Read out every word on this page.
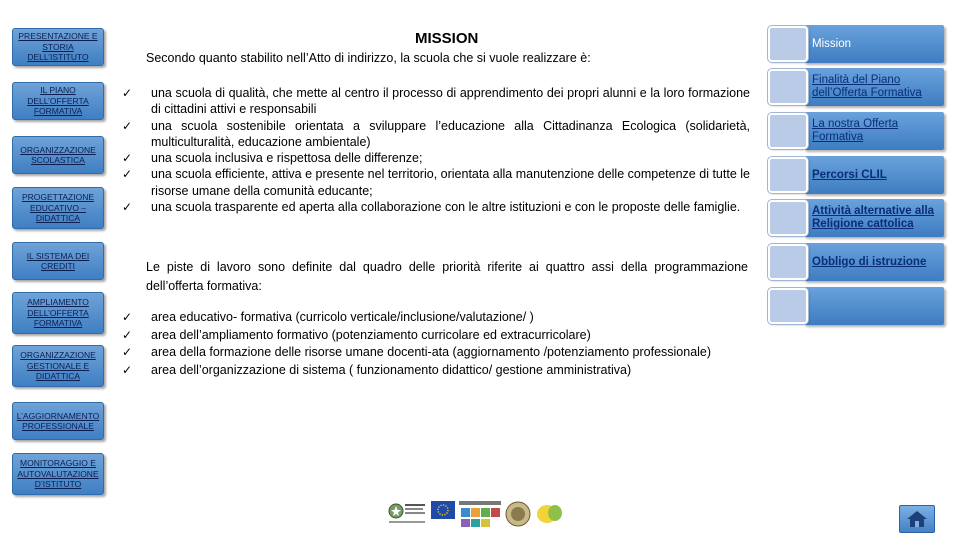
PRESENTAZIONE E STORIA DELL’ISTITUTO
IL PIANO DELL’OFFERTA FORMATIVA
ORGANIZZAZIONE SCOLASTICA
PROGETTAZIONE EDUCATIVO – DIDATTICA
IL SISTEMA DEI CREDITI
AMPLIAMENTO DELL’OFFERTA FORMATIVA
ORGANIZZAZIONE GESTIONALE E DIDATTICA
L’AGGIORNAMENTO PROFESSIONALE
MONITORAGGIO E AUTOVALUTAZIONE D’ISTITUTO
MISSION
Secondo quanto stabilito nell’Atto di indirizzo, la scuola che si vuole realizzare è:
✓ una scuola di qualità, che mette al centro il processo di apprendimento dei propri alunni e la loro formazione di cittadini attivi e responsabili
✓ una scuola sostenibile orientata a sviluppare l’educazione alla Cittadinanza Ecologica (solidarietà, multiculturalità, educazione ambientale)
✓ una scuola inclusiva e rispettosa delle differenze;
✓ una scuola efficiente, attiva e presente nel territorio, orientata alla manutenzione delle competenze di tutte le risorse umane della comunità educante;
✓ una scuola trasparente ed aperta alla collaborazione con le altre istituzioni e con le proposte delle famiglie.

Le piste di lavoro sono definite dal quadro delle priorità riferite ai quattro assi della programmazione dell’offerta formativa:

✓ area educativo- formativa (curricolo verticale/inclusione/valutazione/ )
✓ area dell’ampliamento formativo (potenziamento curricolare ed extracurricolare)
✓ area della formazione delle risorse umane docenti-ata (aggiornamento /potenziamento professionale)
✓ area dell’organizzazione di sistema ( funzionamento didattico/ gestione amministrativa)
Mission
Finalità del Piano dell’Offerta Formativa
La nostra Offerta Formativa
Percorsi CLIL
Attività alternative alla Religione cattolica
Obbligo di istruzione
